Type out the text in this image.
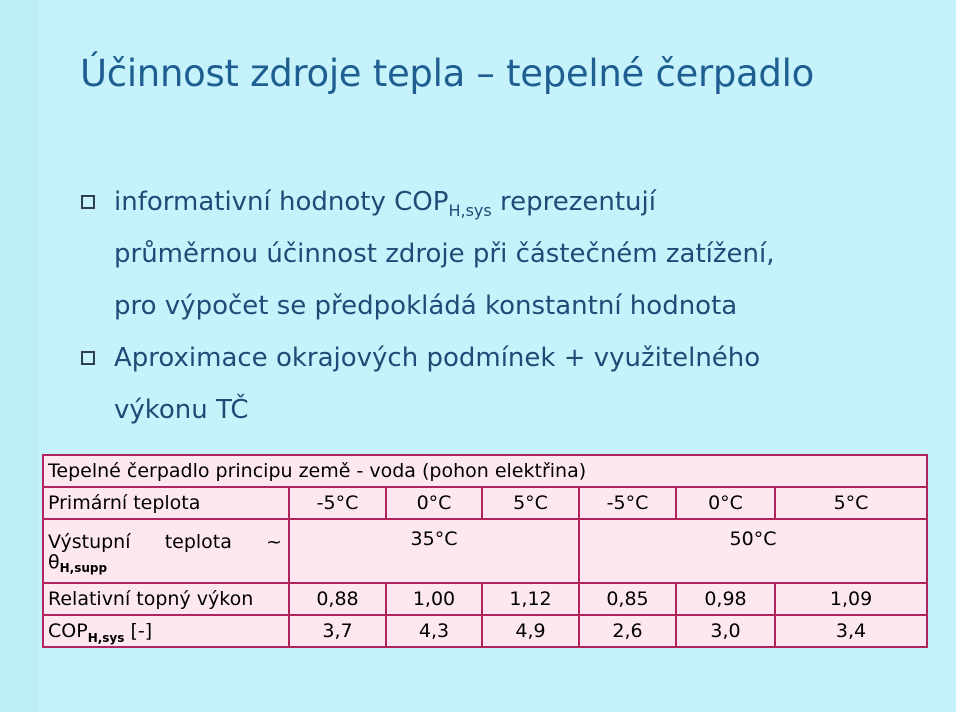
Účinnost zdroje tepla – tepelné čerpadlo
informativní hodnoty $COP_{H,sys}$ reprezentují
průměrnou účinnost zdroje při částečném zatížení,
pro výpočet se předpokládá konstantní hodnota
Aproximace okrajových podmínek + využitelného
výkonu TČ
Tepelné čerpadlo principu země - voda (pohon elektřina)						
Primární teplota	-5°C	0°C	5°C	-5°C	0°C	5°C

Výstupní teplota ~
$\theta_{H,supp}$	35°C			50°C		
Relativní topný výkon	0,88	1,00	1,12	0,85	0,98	1,09
$COP_{H,sys}$ [-]	3,7	4,3	4,9	2,6	3,0	3,4
